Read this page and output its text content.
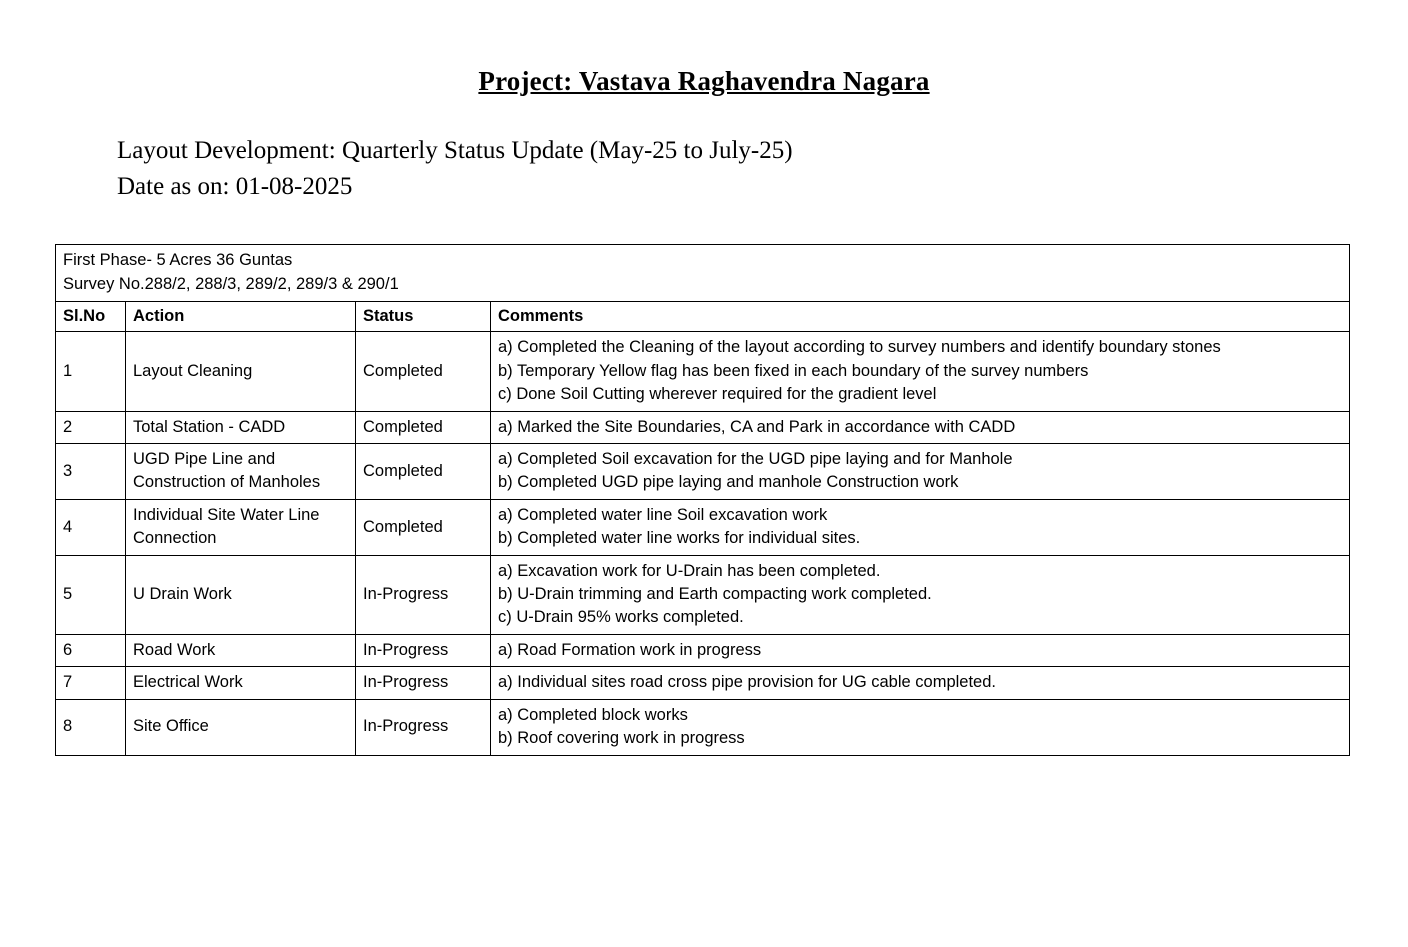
Project: Vastava Raghavendra Nagara
Layout Development: Quarterly Status Update (May-25 to July-25)
Date as on: 01-08-2025
First Phase- 5 Acres 36 Guntas
Survey No.288/2, 288/3, 289/2, 289/3 & 290/1			

Sl.No	Action	Status	Comments
1	Layout Cleaning	Completed	a) Completed the Cleaning of the layout according to survey numbers and identify boundary stones
b) Temporary Yellow flag has been fixed in each boundary of the survey numbers
c) Done Soil Cutting wherever required for the gradient level

2	Total Station - CADD	Completed	a) Marked the Site Boundaries, CA and Park in accordance with CADD

3	UGD Pipe Line and Construction of Manholes	Completed	a) Completed Soil excavation for the UGD pipe laying and for Manhole
b) Completed UGD pipe laying and manhole Construction work

4	Individual Site Water Line Connection	Completed	a) Completed water line Soil excavation work
b) Completed water line works for individual sites.

5	U Drain Work	In-Progress	a) Excavation work for U-Drain has been completed.
b) U-Drain trimming and Earth compacting work completed.
c) U-Drain 95% works completed.

6	Road Work	In-Progress	a) Road Formation work in progress

7	Electrical Work	In-Progress	a) Individual sites road cross pipe provision for UG cable completed.

8	Site Office	In-Progress	a) Completed block works
b) Roof covering work in progress
